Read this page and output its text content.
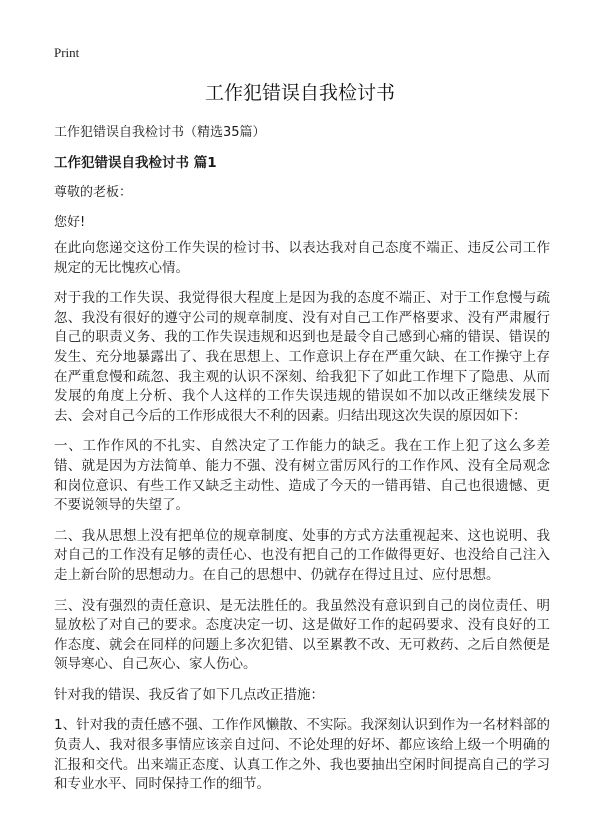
Print
工作犯错误自我检讨书
工作犯错误自我检讨书（精选35篇）
工作犯错误自我检讨书 篇1
尊敬的老板：
您好!

在此向您递交这份工作失误的检讨书、以表达我对自己态度不端正、违反公司工作规定的无比愧疚心情。

对于我的工作失误、我觉得很大程度上是因为我的态度不端正、对于工作怠慢与疏忽、我没有很好的遵守公司的规章制度、没有对自己工作严格要求、没有严肃履行自己的职责义务、我的工作失误违规和迟到也是最令自己感到心痛的错误、错误的发生、充分地暴露出了、我在思想上、工作意识上存在严重欠缺、在工作操守上存在严重怠慢和疏忽、我主观的认识不深刻、给我犯下了如此工作埋下了隐患、从而发展的角度上分析、我个人这样的工作失误违规的错误如不加以改正继续发展下去、会对自己今后的工作形成很大不利的因素。归结出现这次失误的原因如下：

一、工作作风的不扎实、自然决定了工作能力的缺乏。我在工作上犯了这么多差错、就是因为方法简单、能力不强、没有树立雷厉风行的工作作风、没有全局观念和岗位意识、有些工作又缺乏主动性、造成了今天的一错再错、自己也很遗憾、更不要说领导的失望了。

二、我从思想上没有把单位的规章制度、处事的方式方法重视起来、这也说明、我对自己的工作没有足够的责任心、也没有把自己的工作做得更好、也没给自己注入走上新台阶的思想动力。在自己的思想中、仍就存在得过且过、应付思想。

三、没有强烈的责任意识、是无法胜任的。我虽然没有意识到自己的岗位责任、明显放松了对自己的要求。态度决定一切、这是做好工作的起码要求、没有良好的工作态度、就会在同样的问题上多次犯错、以至累教不改、无可救药、之后自然便是领导寒心、自己灰心、家人伤心。

针对我的错误、我反省了如下几点改正措施：

1、针对我的责任感不强、工作作风懒散、不实际。我深刻认识到作为一名材料部的负责人、我对很多事情应该亲自过问、不论处理的好坏、都应该给上级一个明确的汇报和交代。出来端正态度、认真工作之外、我也要抽出空闲时间提高自己的学习和专业水平、同时保持工作的细节。
